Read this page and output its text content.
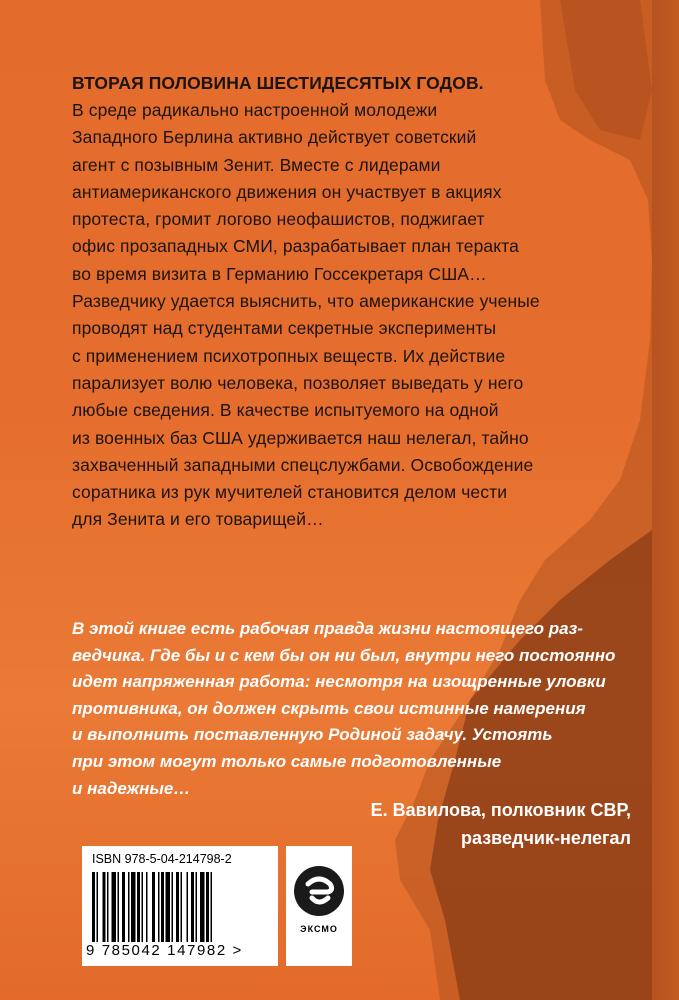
ВТОРАЯ ПОЛОВИНА ШЕСТИДЕСЯТЫХ ГОДОВ.

В среде радикально настроенной молодежи
Западного Берлина активно действует советский
агент с позывным Зенит. Вместе с лидерами
антиамериканского движения он участвует в акциях
протеста, громит логово неофашистов, поджигает
офис прозападных СМИ, разрабатывает план теракта
во время визита в Германию Госсекретаря США…
Разведчику удается выяснить, что американские ученые
проводят над студентами секретные эксперименты
с применением психотропных веществ. Их действие
парализует волю человека, позволяет выведать у него
любые сведения. В качестве испытуемого на одной
из военных баз США удерживается наш нелегал, тайно
захваченный западными спецслужбами. Освобождение
соратника из рук мучителей становится делом чести
для Зенита и его товарищей…

В этой книге есть рабочая правда жизни настоящего раз-
ведчика. Где бы и с кем бы он ни был, внутри него постоянно
идет напряженная работа: несмотря на изощренные уловки
противника, он должен скрыть свои истинные намерения
и выполнить поставленную Родиной задачу. Устоять
при этом могут только самые подготовленные
и надежные…

Е. Вавилова, полковник СВР,
разведчик-нелегал
ISBN 978-5-04-214798-2
9 785042 147982 >
ЭКСМО
